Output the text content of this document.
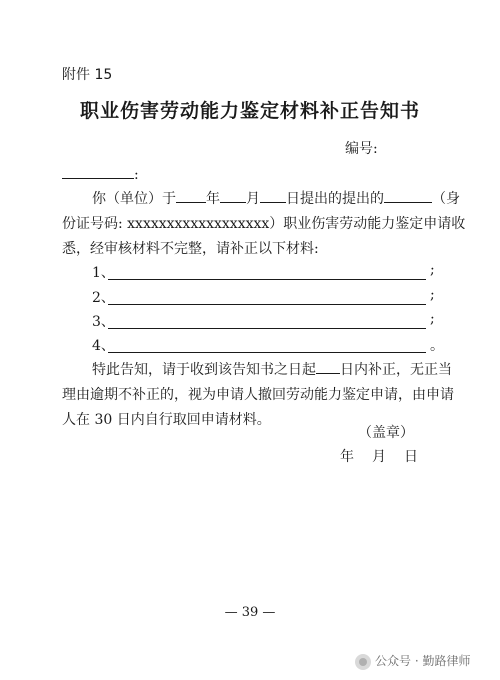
附件 15
职业伤害劳动能力鉴定材料补正告知书
编号:
:
你（单位）于 年 月 日提出的提出的	（身
份证号码: xxxxxxxxxxxxxxxxxx）职业伤害劳动能力鉴定申请收
悉，经审核材料不完整，请补正以下材料:
1、	;
2、	;
3、	;
4、	。
特此告知，请于收到该告知书之日起 日内补正，无正当
理由逾期不补正的，视为申请人撤回劳动能力鉴定申请，由申请
人在 30 日内自行取回申请材料。
（盖章）
年 月 日
— 39 —
公众号 · 勤路律师
